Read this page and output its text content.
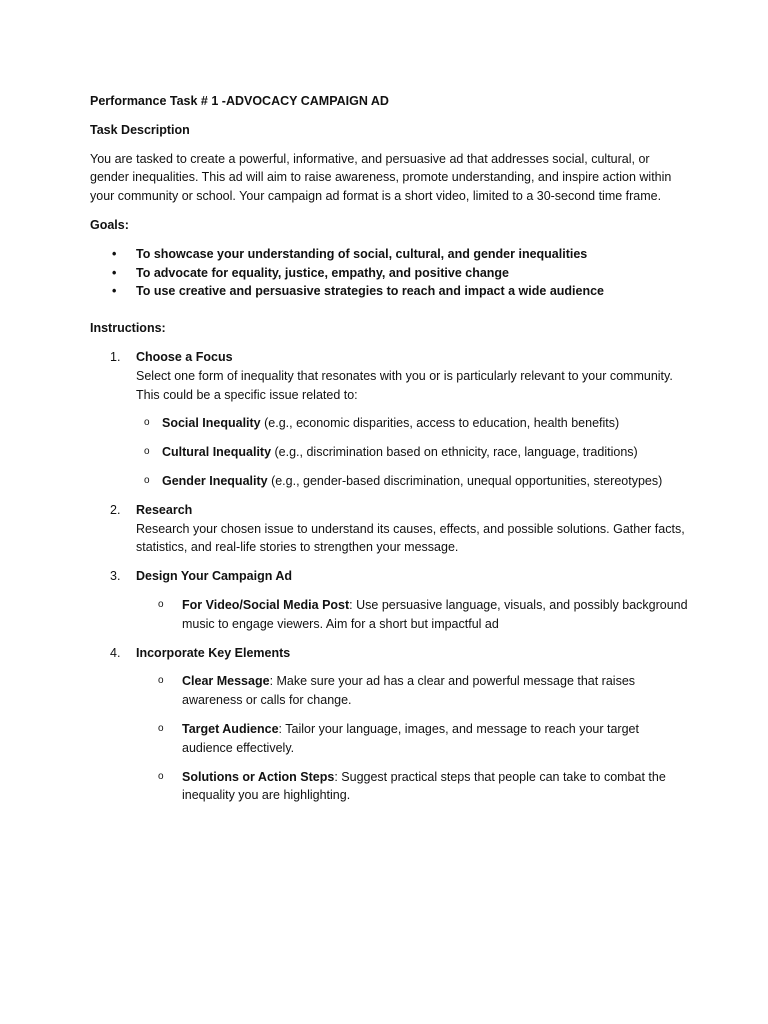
Performance Task # 1 -ADVOCACY CAMPAIGN AD

Task Description

You are tasked to create a powerful, informative, and persuasive ad that addresses social, cultural, or gender inequalities. This ad will aim to raise awareness, promote understanding, and inspire action within your community or school. Your campaign ad format is a short video, limited to a 30-second time frame.

Goals:

• To showcase your understanding of social, cultural, and gender inequalities
• To advocate for equality, justice, empathy, and positive change
• To use creative and persuasive strategies to reach and impact a wide audience

Instructions:

1. Choose a Focus
Select one form of inequality that resonates with you or is particularly relevant to your community. This could be a specific issue related to:
o Social Inequality (e.g., economic disparities, access to education, health benefits)
o Cultural Inequality (e.g., discrimination based on ethnicity, race, language, traditions)
o Gender Inequality (e.g., gender-based discrimination, unequal opportunities, stereotypes)
2. Research
Research your chosen issue to understand its causes, effects, and possible solutions. Gather facts, statistics, and real-life stories to strengthen your message.
3. Design Your Campaign Ad
o For Video/Social Media Post: Use persuasive language, visuals, and possibly background music to engage viewers. Aim for a short but impactful ad
4. Incorporate Key Elements
o Clear Message: Make sure your ad has a clear and powerful message that raises awareness or calls for change.
o Target Audience: Tailor your language, images, and message to reach your target audience effectively.
o Solutions or Action Steps: Suggest practical steps that people can take to combat the inequality you are highlighting.
